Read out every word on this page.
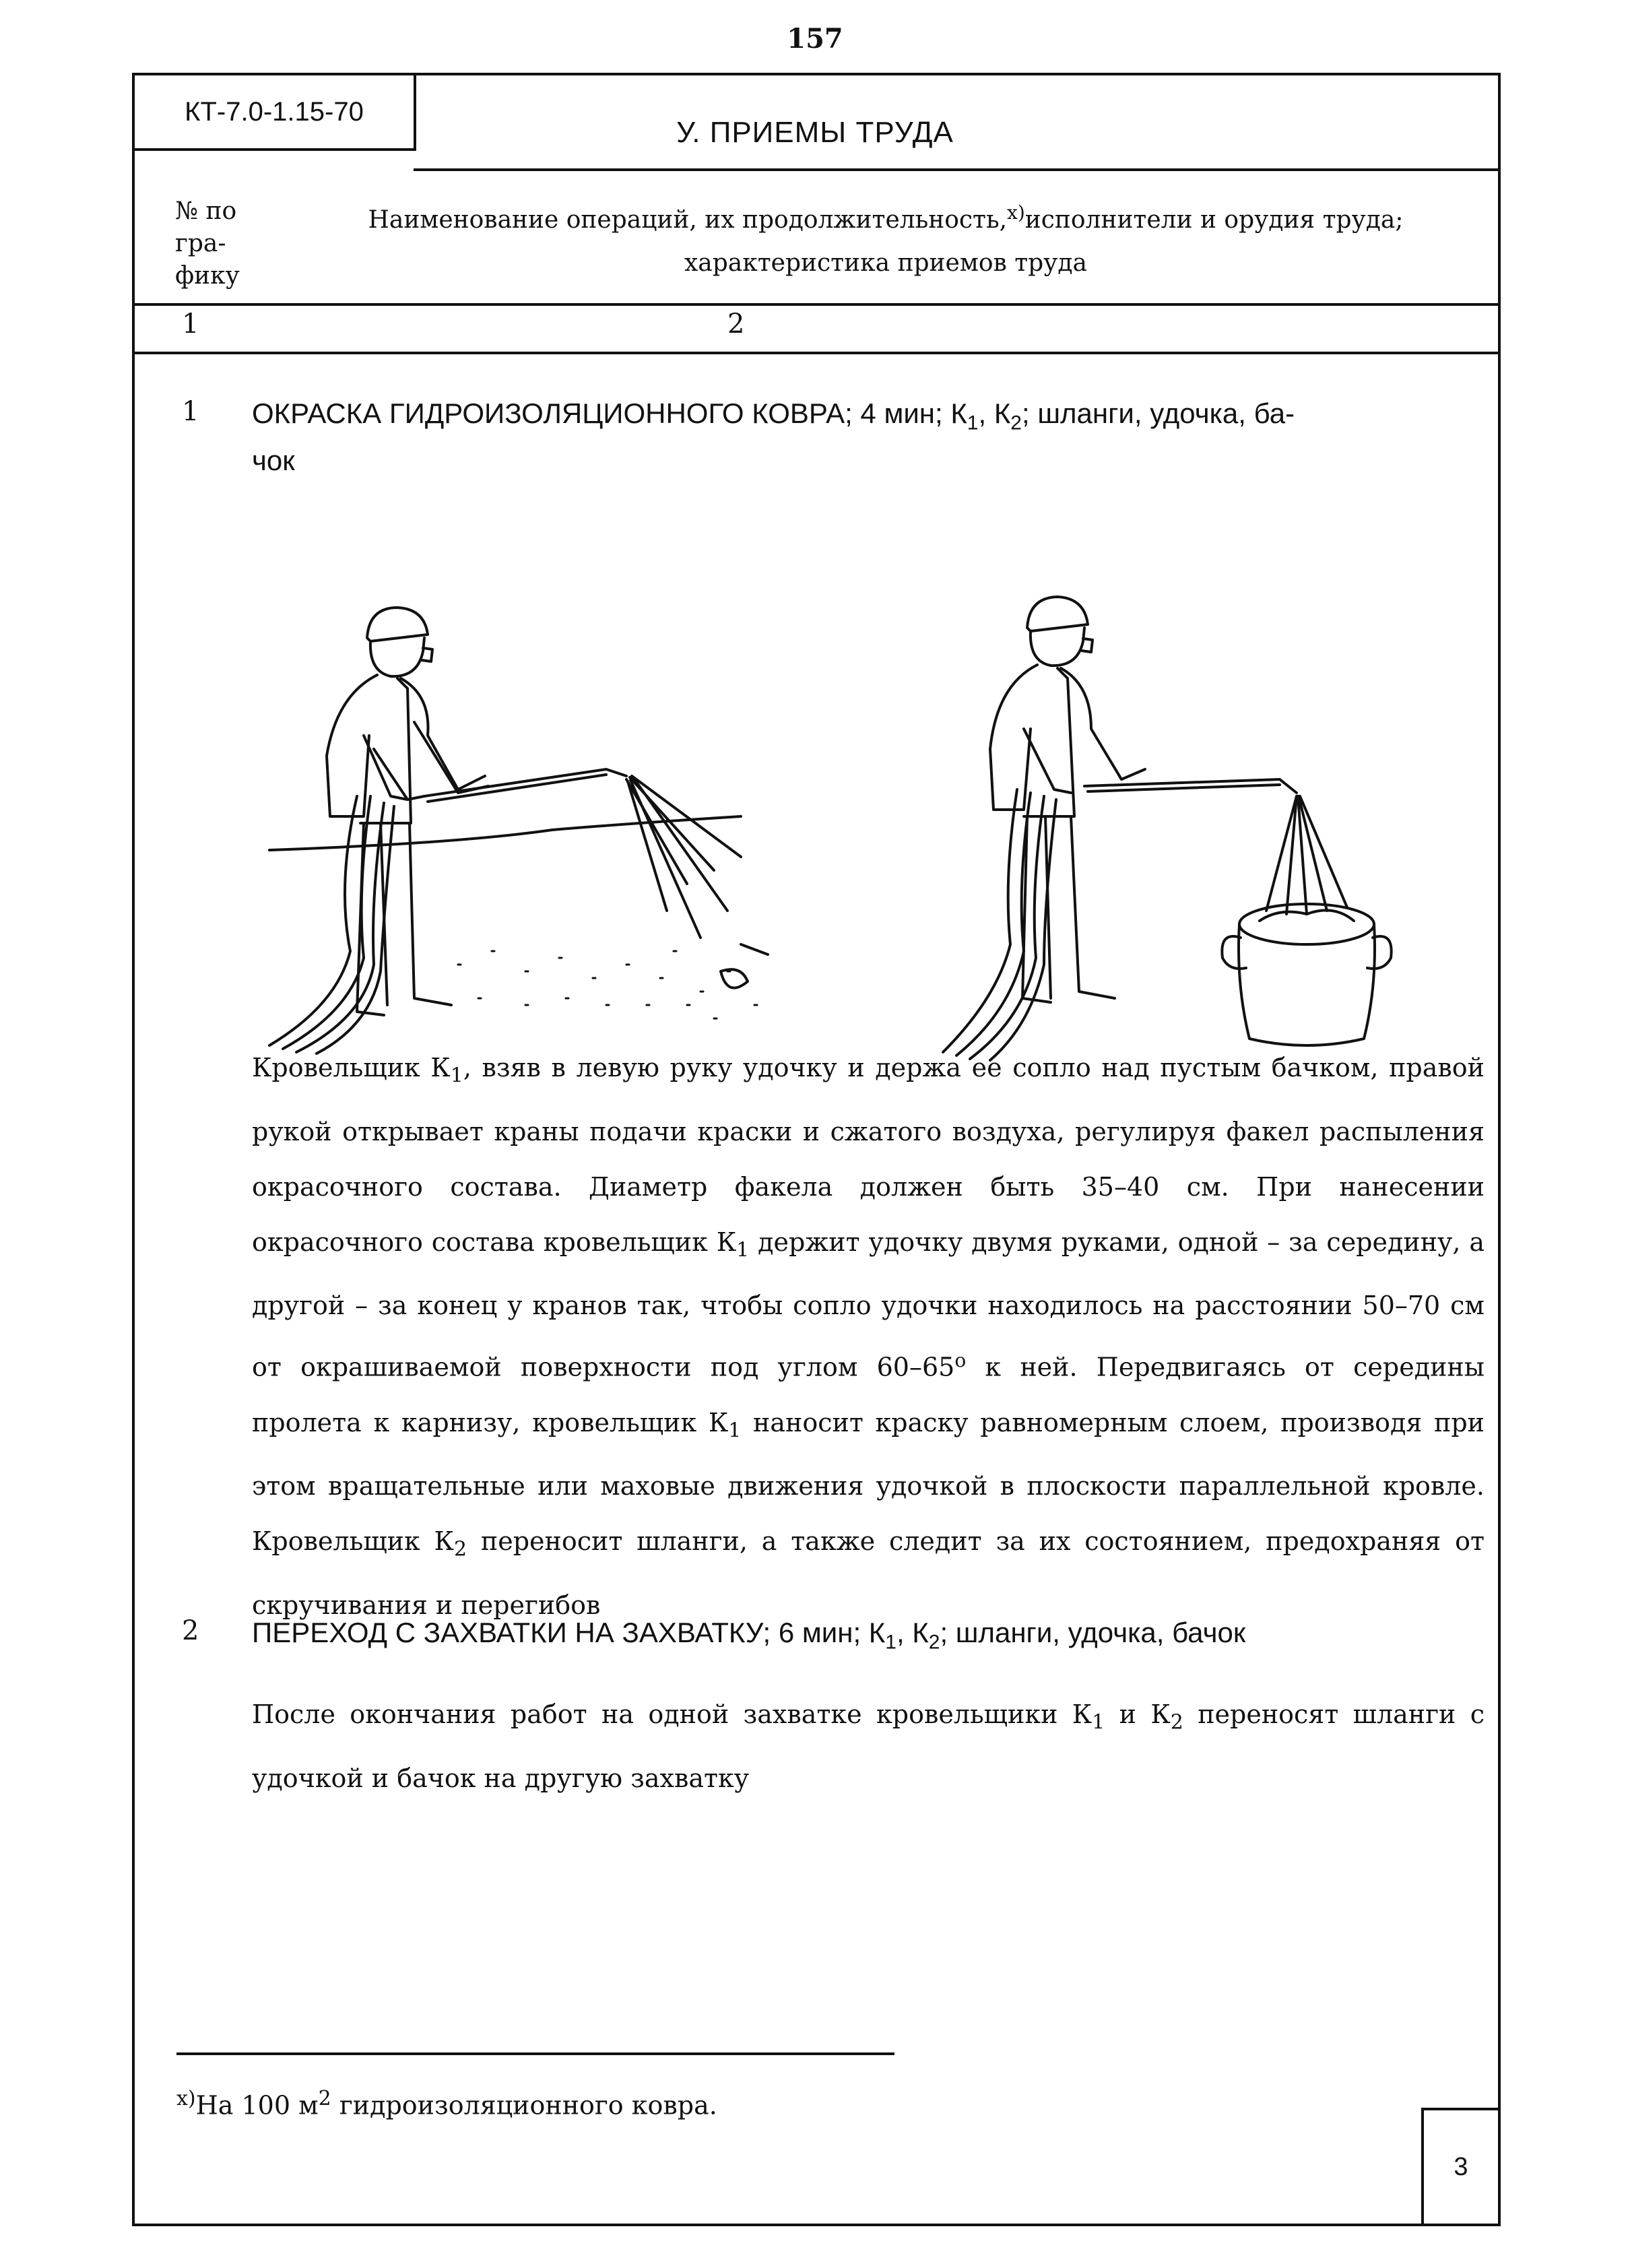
157
КТ-7.0-1.15-70
У. ПРИЕМЫ ТРУДА
№ по
гра-
фику
Наименование операций, их продолжительность,$^{x)}$исполнители и орудия труда;
характеристика приемов труда
1	2
1 ОКРАСКА ГИДРОИЗОЛЯЦИОННОГО КОВРА; 4 мин; $К_1$, $К_2$; шланги, удочка, ба-
чок
Кровельщик $К_1$, взяв в левую руку удочку и держа ее сопло над пустым бачком, правой рукой открывает краны подачи краски и сжатого воздуха, регулируя факел распыления окрасочного состава. Диаметр факела должен быть 35–40 см. При нанесении окрасочного состава кровельщик $К_1$ держит удочку двумя руками, одной – за середину, а другой – за конец у кранов так, чтобы сопло удочки находилось на расстоянии 50–70 см от окрашиваемой поверхности под углом $60-65^о$ к ней. Передвигаясь от середины пролета к карнизу, кровельщик $К_1$ наносит краску равномерным слоем, производя при этом вращательные или маховые движения удочкой в плоскости параллельной кровле. Кровельщик $К_2$ переносит шланги, а также следит за их состоянием, предохраняя от скручивания и перегибов
2 ПЕРЕХОД С ЗАХВАТКИ НА ЗАХВАТКУ; 6 мин; $К_1$, $К_2$; шланги, удочка, бачок
После окончания работ на одной захватке кровельщики $К_1$ и $К_2$ переносят шланги с удочкой и бачок на другую захватку
3
$^{x)}$На 100 $м^2$ гидроизоляционного ковра.
